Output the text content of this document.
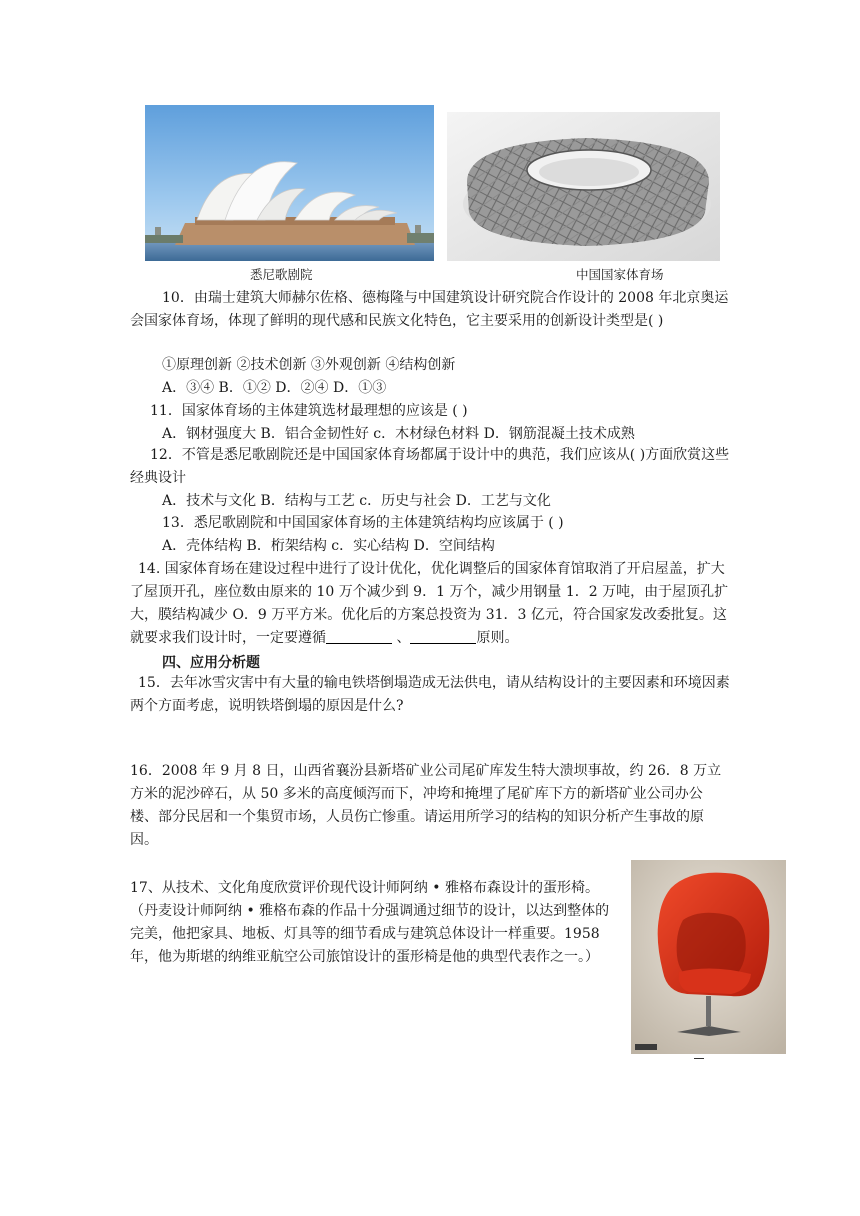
悉尼歌剧院	中国国家体育场
10．由瑞士建筑大师赫尔佐格、德梅隆与中国建筑设计研究院合作设计的 2008 年北京奥运会国家体育场，体现了鲜明的现代感和民族文化特色，它主要采用的创新设计类型是( )
①原理创新 ②技术创新 ③外观创新 ④结构创新
A．③④ B．①② D．②④ D．①③
11．国家体育场的主体建筑选材最理想的应该是 ( )
A．钢材强度大 B．铝合金韧性好 c．木材绿色材料 D．钢筋混凝土技术成熟
12．不管是悉尼歌剧院还是中国国家体育场都属于设计中的典范，我们应该从( )方面欣赏这些经典设计
A．技术与文化 B．结构与工艺 c．历史与社会 D．工艺与文化
13．悉尼歌剧院和中国国家体育场的主体建筑结构均应该属于 ( )
A．壳体结构 B．桁架结构 c．实心结构 D．空间结构
14. 国家体育场在建设过程中进行了设计优化，优化调整后的国家体育馆取消了开启屋盖，扩大了屋顶开孔，座位数由原来的 10 万个减少到 9．1 万个，减少用钢量 1．2 万吨，由于屋顶孔扩大，膜结构减少 O．9 万平方米。优化后的方案总投资为 31．3 亿元，符合国家发改委批复。这就要求我们设计时，一定要遵循	、	原则。
四、应用分析题
15．去年冰雪灾害中有大量的输电铁塔倒塌造成无法供电，请从结构设计的主要因素和环境因素两个方面考虑，说明铁塔倒塌的原因是什么?
16．2008 年 9 月 8 日，山西省襄汾县新塔矿业公司尾矿库发生特大溃坝事故，约 26．8 万立方米的泥沙碎石，从 50 多米的高度倾泻而下，冲垮和掩埋了尾矿库下方的新塔矿业公司办公楼、部分民居和一个集贸市场，人员伤亡惨重。请运用所学习的结构的知识分析产生事故的原因。
17、从技术、文化角度欣赏评价现代设计师阿纳 • 雅格布森设计的蛋形椅。（丹麦设计师阿纳 • 雅格布森的作品十分强调通过细节的设计，以达到整体的完美，他把家具、地板、灯具等的细节看成与建筑总体设计一样重要。1958 年，他为斯堪的纳维亚航空公司旅馆设计的蛋形椅是他的典型代表作之一。）
